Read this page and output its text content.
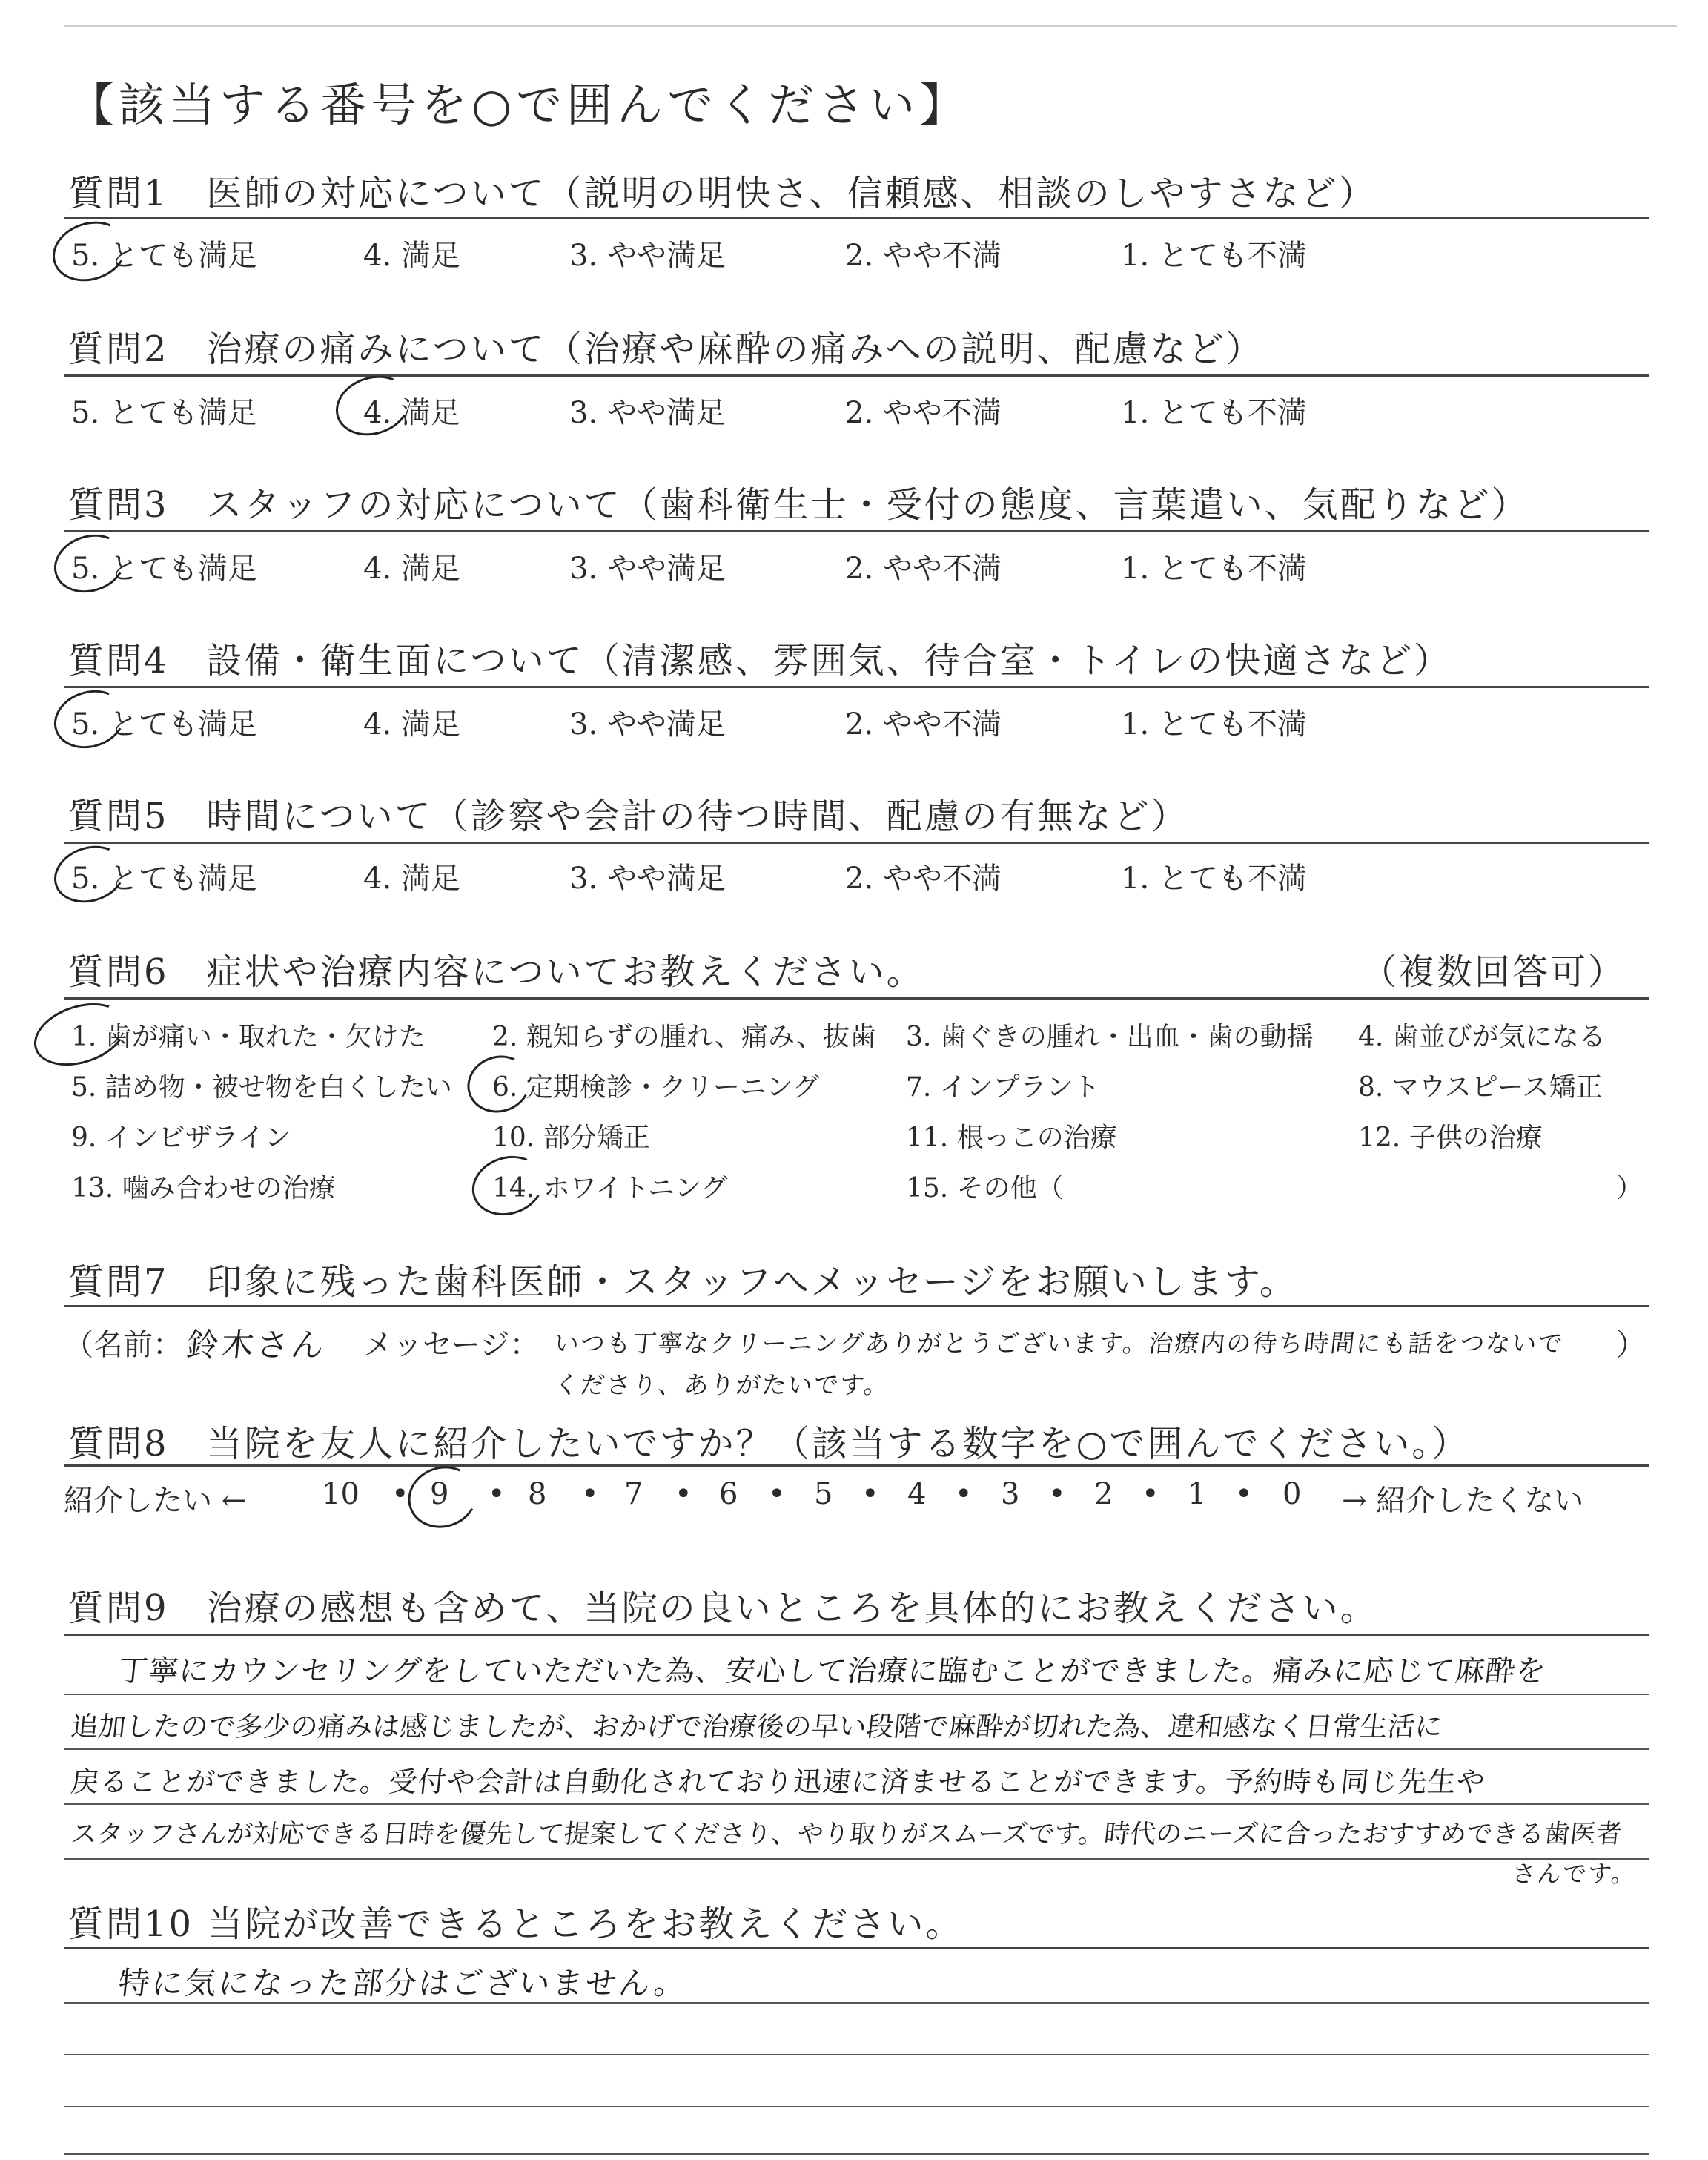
【該当する番号を○で囲んでください】
質問1　医師の対応について（説明の明快さ、信頼感、相談のしやすさなど）
5. とても満足	4. 満足	3. やや満足	2. やや不満	1. とても不満
質問2　治療の痛みについて（治療や麻酔の痛みへの説明、配慮など）
5. とても満足	4. 満足	3. やや満足	2. やや不満	1. とても不満
質問3　スタッフの対応について（歯科衛生士・受付の態度、言葉遣い、気配りなど）
5. とても満足	4. 満足	3. やや満足	2. やや不満	1. とても不満
質問4　設備・衛生面について（清潔感、雰囲気、待合室・トイレの快適さなど）
5. とても満足	4. 満足	3. やや満足	2. やや不満	1. とても不満
質問5　時間について（診察や会計の待つ時間、配慮の有無など）
5. とても満足	4. 満足	3. やや満足	2. やや不満	1. とても不満
質問6　症状や治療内容についてお教えください。	（複数回答可）
1. 歯が痛い・取れた・欠けた	2. 親知らずの腫れ、痛み、抜歯 3. 歯ぐきの腫れ・出血・歯の動揺 4. 歯並びが気になる
5. 詰め物・被せ物を白くしたい 6. 定期検診・クリーニング	7. インプラント	8. マウスピース矯正
9. インビザライン	10. 部分矯正	11. 根っこの治療	12. 子供の治療
13. 噛み合わせの治療	14. ホワイトニング	15. その他（	）
質問7　印象に残った歯科医師・スタッフへメッセージをお願いします。
（名前： 鈴木さん メッセージ： いつも丁寧なクリーニングありがとうございます。治療内の待ち時間にも話をつないで ）
くださり、ありがたいです。
質問8　当院を友人に紹介したいですか？（該当する数字を○で囲んでください。）
紹介したい ←	10 9	8	7	6	5	4	3	2	1	0 → 紹介したくない
•	•	•	•	•	•	•	•	•	•
質問9　治療の感想も含めて、当院の良いところを具体的にお教えください。
丁寧にカウンセリングをしていただいた為、安心して治療に臨むことができました。痛みに応じて麻酔を
追加したので多少の痛みは感じましたが、おかげで治療後の早い段階で麻酔が切れた為、違和感なく日常生活に
戻ることができました。受付や会計は自動化されており迅速に済ませることができます。予約時も同じ先生や
スタッフさんが対応できる日時を優先して提案してくださり、やり取りがスムーズです。時代のニーズに合ったおすすめできる歯医者
さんです。
質問10 当院が改善できるところをお教えください。
特に気になった部分はございません。
